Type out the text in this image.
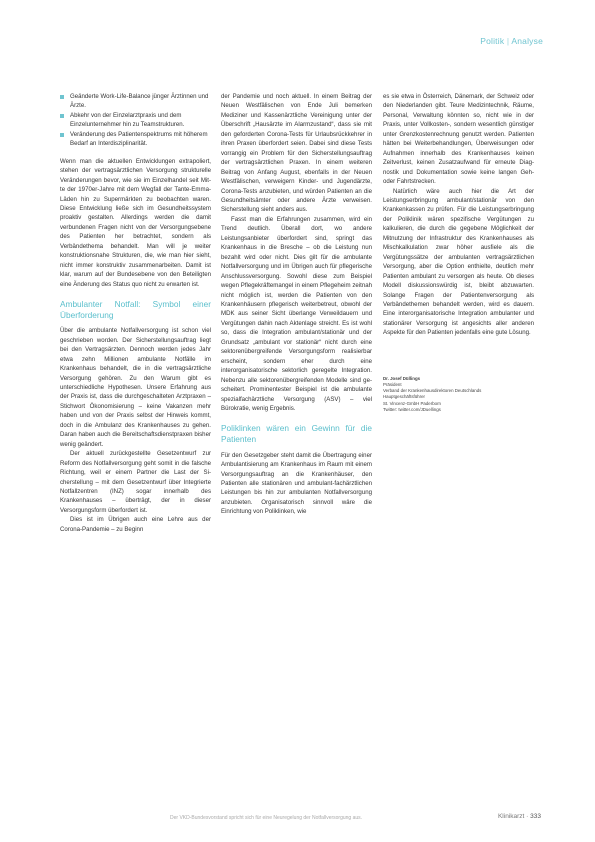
Politik | Analyse
Geänderte Work-Life-Balance jünger Ärztinnen und Ärzte.
Abkehr von der Einzelarztpraxis und dem Einzelunternehmer hin zu Teamstrukturen.
Veränderung des Patientenspektrums mit höherem Bedarf an Interdisziplinarität.

Wenn man die aktuellen Entwicklungen extrapoliert, stehen der vertragsärztlichen Versorgung strukturelle Veränderungen bevor, wie sie im Einzelhandel seit Mitte der 1970er-Jahre mit dem Wegfall der Tante-Emma-Läden hin zu Supermärkten zu beobachten waren. Diese Entwicklung ließe sich im Gesundheitssystem proaktiv gestalten. Allerdings werden die damit verbundenen Fragen nicht von der Versorgungsebene des Patienten her betrachtet, sondern als Verbändethema behandelt. Man will je weiter konstruktionsnahe Strukturen, die, wie man hier sieht, nicht immer konstruktiv zusammenarbeiten. Damit ist klar, warum auf der Bundesebene von den Beteiligten eine Änderung des Status quo nicht zu erwarten ist.

Ambulanter Notfall: Symbol einer Überforderung

Über die ambulante Notfallversorgung ist schon viel geschrieben worden. Der Sicherstellungsauftrag liegt bei den Vertragsärzten. Dennoch werden jedes Jahr etwa zehn Millionen ambulante Notfälle im Krankenhaus behandelt, die in die vertragsärztliche Versorgung gehören. Zu den Warum gibt es unterschiedliche Hypothesen. Unsere Erfahrung aus der Praxis ist, dass die durchgeschalteten Arztpraxen – Stichwort Ökonomisierung – keine Vakanzen mehr haben und von der Praxis selbst der Hinweis kommt, doch in die Ambulanz des Krankenhauses zu gehen. Daran haben auch die Bereitschaftsdienstpraxen bisher wenig geändert.

Der aktuell zurückgestellte Gesetzentwurf zur Reform des Notfallversorgung geht somit in die falsche Richtung, weil er einem Partner die Last der Sicherstellung – mit dem Gesetzentwurf über Integrierte Notfallzentren (INZ) sogar innerhalb des Krankenhauses – überträgt, der in dieser Versorgungsform überfordert ist.

Dies ist im Übrigen auch eine Lehre aus der Corona-Pandemie – zu Beginn

der Pandemie und noch aktuell. In einem Beitrag der Neuen Westfälischen von Ende Juli bemerken Mediziner und Kassenärztliche Vereinigung unter der Überschrift „Hausärzte im Alarmzustand“, dass sie mit den geforderten Corona-Tests für Urlaubsrückkehrer in ihren Praxen überfordert seien. Dabei sind diese Tests vorrangig ein Problem für den Sicherstellungsauftrag der vertragsärztlichen Praxen. In einem weiteren Beitrag von Anfang August, ebenfalls in der Neuen Westfälischen, verweigern Kinder- und Jugendärzte, Corona-Tests anzubieten, und würden Patienten an die Gesundheitsämter oder andere Ärzte verweisen. Sicherstellung sieht anders aus.

Fasst man die Erfahrungen zusammen, wird ein Trend deutlich. Überall dort, wo andere Leistungsanbieter überfordert sind, springt das Krankenhaus in die Bresche – ob die Leistung nun bezahlt wird oder nicht. Dies gilt für die ambulante Notfallversorgung und im Übrigen auch für pflegerische Anschlussversorgung. Sowohl diese zum Beispiel wegen Pflegekräftemangel in einem Pflegeheim zeitnah nicht möglich ist, werden die Patienten von den Krankenhäusern pflegerisch weiterbetreut, obwohl der MDK aus seiner Sicht überlange Verweildauern und Vergütungen dahin nach Aktenlage streicht. Es ist wohl so, dass die Integration ambulant/stationär und der Grundsatz „ambulant vor stationär“ nicht durch eine sektorenübergreifende Versorgungsform realisierbar erscheint, sondern eher durch eine interorganisatorische sektorlich geregelte Integration. Nebenzu alle sektorenübergreifenden Modelle sind gescheitert. Prominentester Beispiel ist die ambulante spezialfachärztliche Versorgung (ASV) – viel Bürokratie, wenig Ergebnis.

Poliklinken wären ein Gewinn für die Patienten

Für den Gesetzgeber steht damit die Übertragung einer Ambulantisierung am Krankenhaus im Raum mit einem Versorgungsauftrag an die Krankenhäuser, den Patienten alle stationären und ambulant-fachärztlichen Leistungen bis hin zur ambulanten Notfallversorgung anzubieten. Organisatorisch sinnvoll wäre die Einrichtung von Poliklinken, wie

es sie etwa in Österreich, Dänemark, der Schweiz oder den Niederlanden gibt. Teure Medizintechnik, Räume, Personal, Verwaltung könnten so, nicht wie in der Praxis, unter Vollkosten-, sondern wesentlich günstiger unter Grenzkostenrechnung genutzt werden. Patienten hätten bei Weiterbehandlungen, Überweisungen oder Aufnahmen innerhalb des Krankenhauses keinen Zeitverlust, keinen Zusatzaufwand für erneute Diagnostik und Dokumentation sowie keine langen Geh- oder Fahrtstrecken.

Natürlich wäre auch hier die Art der Leistungserbringung ambulant/stationär von den Krankenkassen zu prüfen. Für die Leistungserbringung der Poliklinik wären spezifische Vergütungen zu kalkulieren, die durch die gegebene Möglichkeit der Mitnutzung der Infrastruktur des Krankenhauses als Mischkalkulation zwar höher ausfiele als die Vergütungssätze der ambulanten vertragsärztlichen Versorgung, aber die Option enthielte, deutlich mehr Patienten ambulant zu versorgen als heute. Ob dieses Modell diskussionswürdig ist, bleibt abzuwarten. Solange Fragen der Patientenversorgung als Verbändethemen behandelt werden, wird es dauern. Eine interorganisatorische Integration ambulanter und stationärer Versorgung ist angesichts aller anderen Aspekte für den Patienten jedenfalls eine gute Lösung.

Dr. Josef Düllings
Präsident
Verband der Krankenhausdirektoren Deutschlands
Hauptgeschäftsführer
St. Vincenz-GmbH Paderborn
Twitter: twitter.com/JDuellings
Der VKD-Bundesvorstand spricht sich für eine Neuregelung der Notfallversorgung aus.	Klinikarzt · 333
